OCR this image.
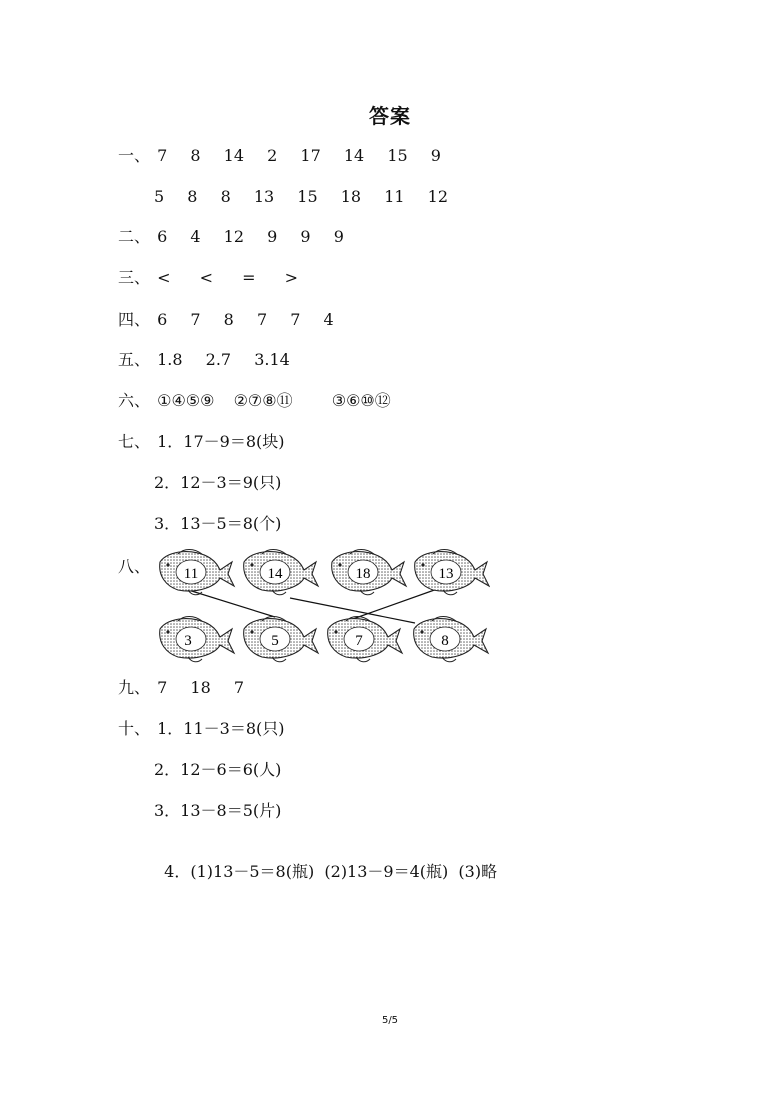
答案
一、 7 8 14 2 17 14 15 9
5 8 8 13 15 18 11 12
二、 6 4 12 9 9 9
三、 < < = >
四、 6 7 8 7 7 4
五、 1.8 2.7 3.14
六、 ①④⑤⑨ ②⑦⑧⑪ ③⑥⑩⑫
七、 1．17－9＝8(块)
2．12－3＝9(只)
3．13－5＝8(个)
八、 11	14	18	13
3	5	7	8
九、 7 18 7
十、 1．11－3＝8(只)
2．12－6＝6(人)
3．13－8＝5(片)

4．(1)13－5＝8(瓶)  (2)13－9＝4(瓶)  (3)略

5/5
